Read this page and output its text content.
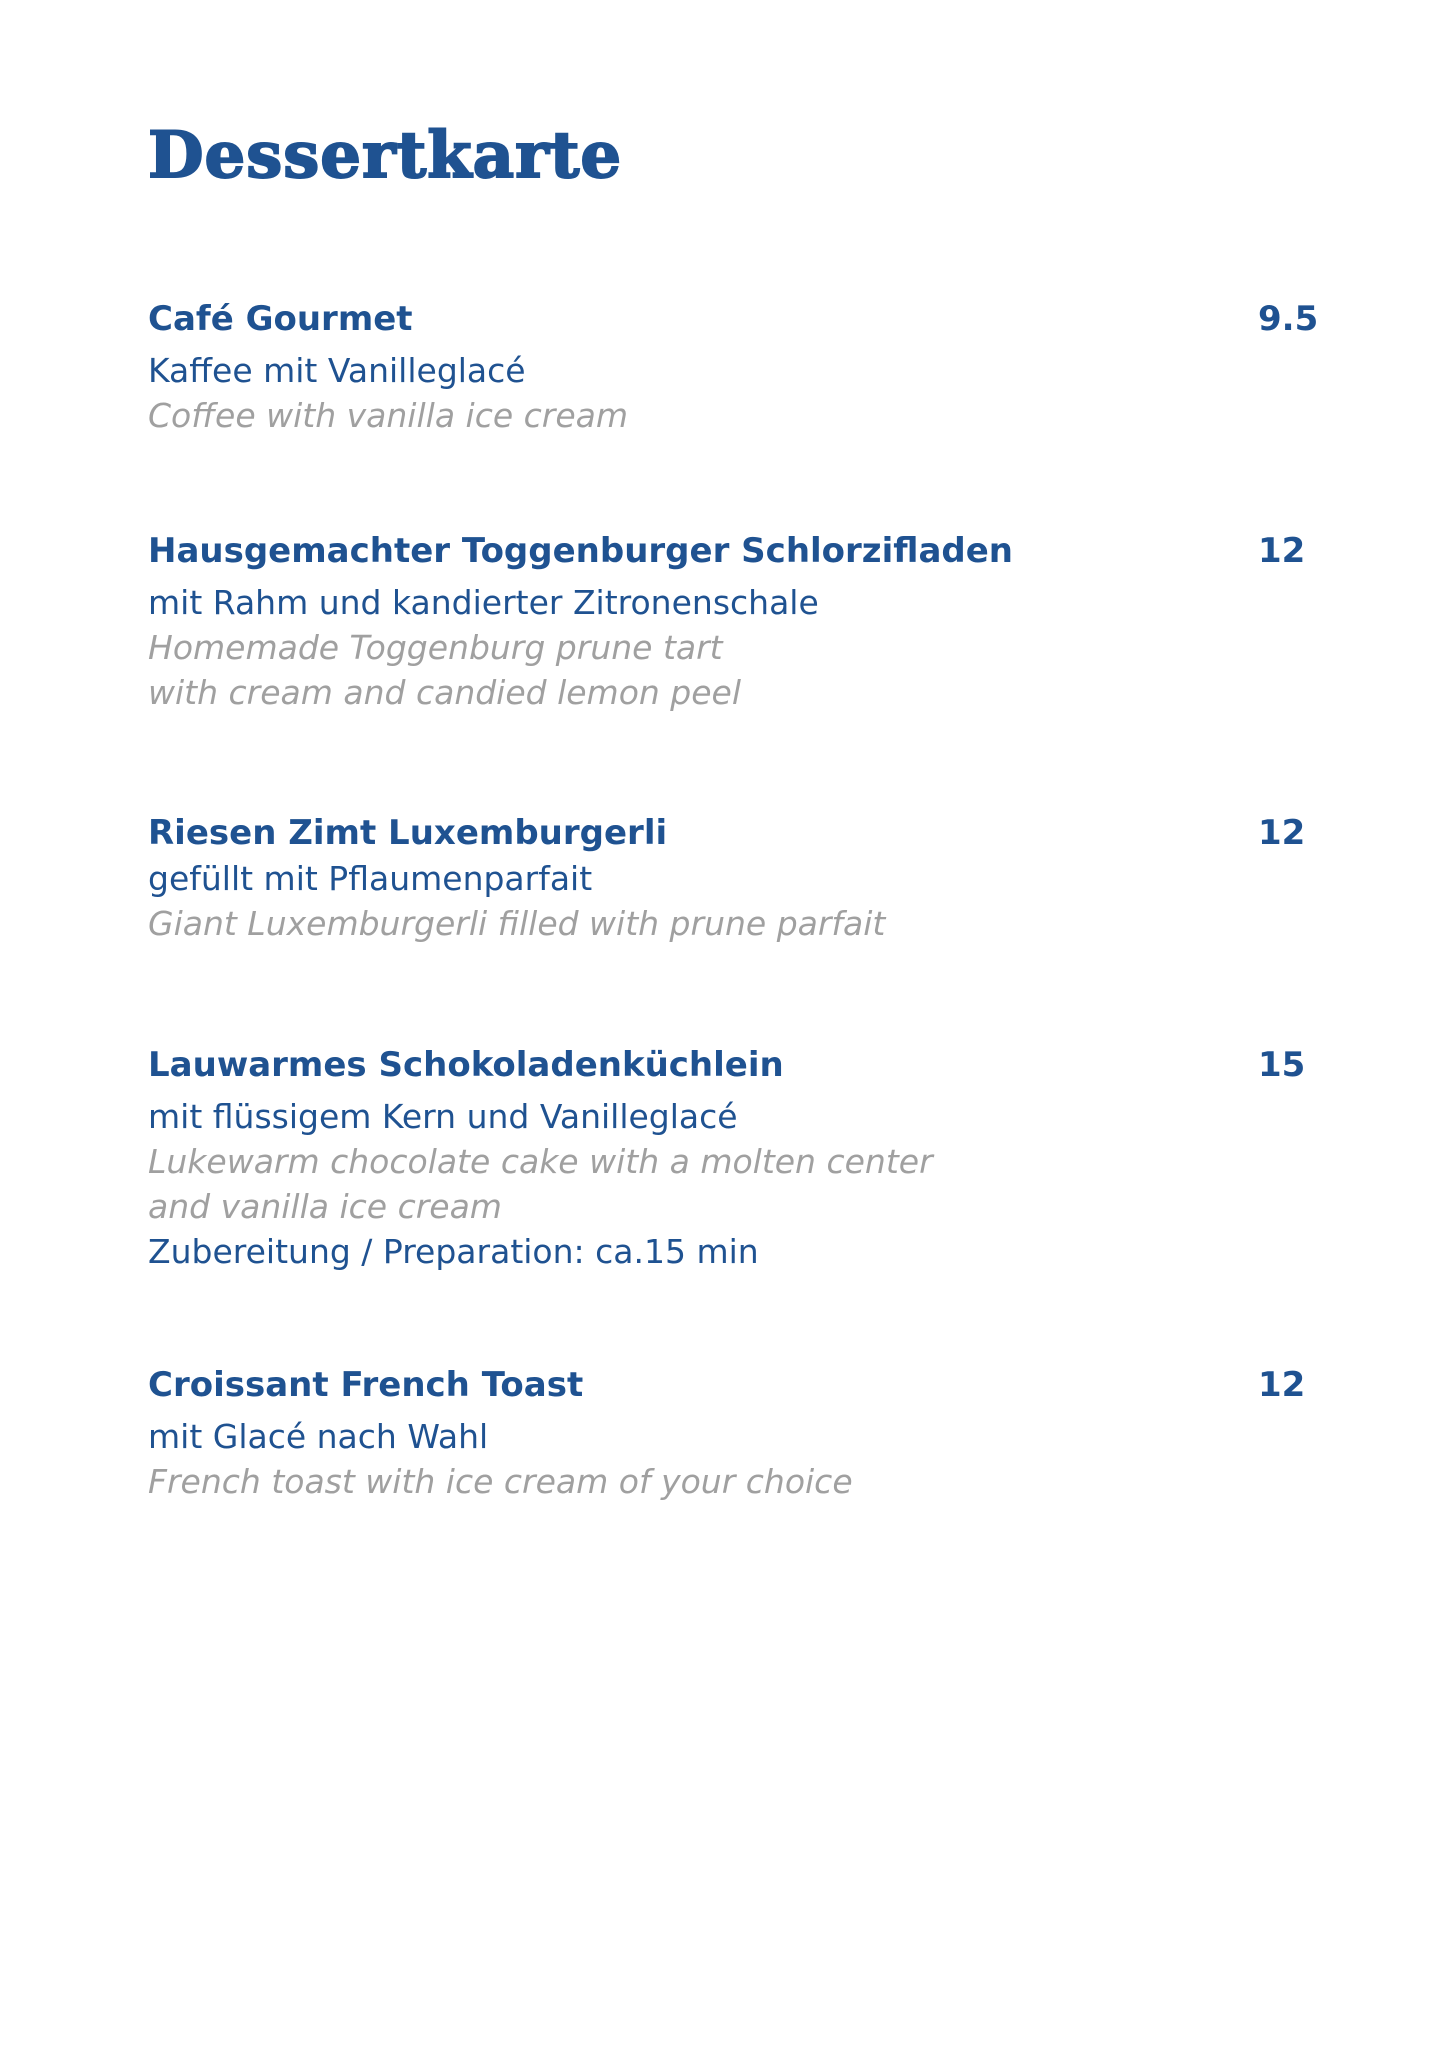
Dessertkarte
Café Gourmet	9.5
Kaffee mit Vanilleglacé
Coffee with vanilla ice cream
Hausgemachter Toggenburger Schlorzifladen	12
mit Rahm und kandierter Zitronenschale
Homemade Toggenburg prune tart
with cream and candied lemon peel
Riesen Zimt Luxemburgerli	12
gefüllt mit Pflaumenparfait
Giant Luxemburgerli filled with prune parfait
Lauwarmes Schokoladenküchlein	15
mit flüssigem Kern und Vanilleglacé
Lukewarm chocolate cake with a molten center
and vanilla ice cream
Zubereitung / Preparation: ca.15 min
Croissant French Toast	12
mit Glacé nach Wahl
French toast with ice cream of your choice
